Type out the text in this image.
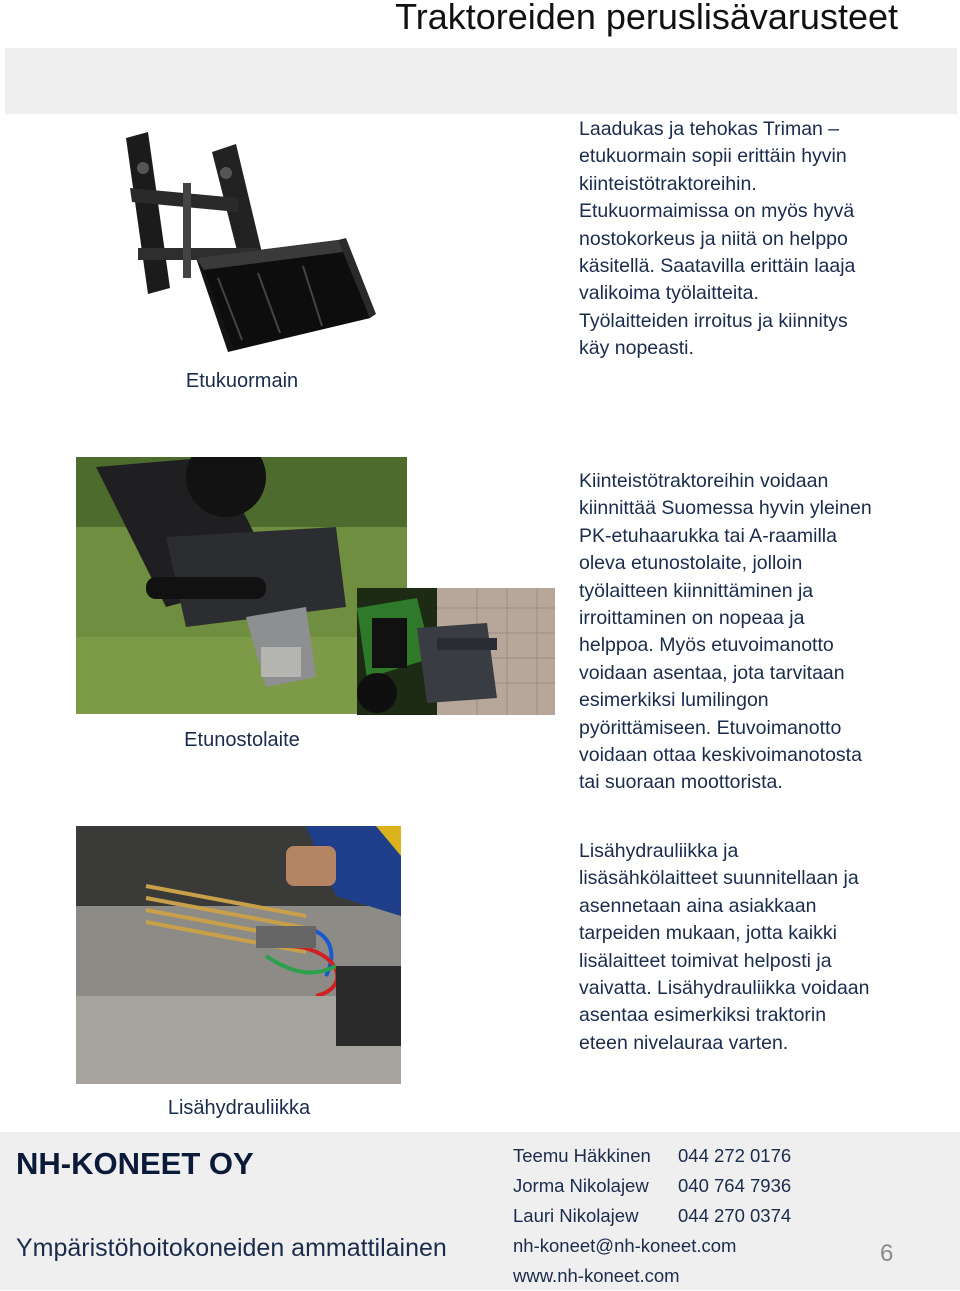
Traktoreiden peruslisävarusteet
Etukuormain

Laadukas ja tehokas Triman –

etukuormain sopii erittäin hyvin

kiinteistötraktoreihin.

Etukuormaimissa on myös hyvä

nostokorkeus ja niitä on helppo

käsitellä. Saatavilla erittäin laaja

valikoima työlaitteita.

Työlaitteiden irroitus ja kiinnitys

käy nopeasti.

Etunostolaite

Kiinteistötraktoreihin voidaan

kiinnittää Suomessa hyvin yleinen

PK-etuhaarukka tai A-raamilla

oleva etunostolaite, jolloin

työlaitteen kiinnittäminen ja

irroittaminen on nopeaa ja

helppoa. Myös etuvoimanotto

voidaan asentaa, jota tarvitaan

esimerkiksi lumilingon

pyörittämiseen. Etuvoimanotto

voidaan ottaa keskivoimanotosta

tai suoraan moottorista.

Lisähydrauliikka

Lisähydrauliikka ja

lisäsähkölaitteet suunnitellaan ja

asennetaan aina asiakkaan

tarpeiden mukaan, jotta kaikki

lisälaitteet toimivat helposti ja

vaivatta. Lisähydrauliikka voidaan

asentaa esimerkiksi traktorin

eteen nivelauraa varten.

NH-KONEET OY
Ympäristöhoitokoneiden ammattilainen
Teemu Häkkinen 044 272 0176
Jorma Nikolajew 040 764 7936
Lauri Nikolajew 044 270 0374
nh-koneet@nh-koneet.com
www.nh-koneet.com
6
